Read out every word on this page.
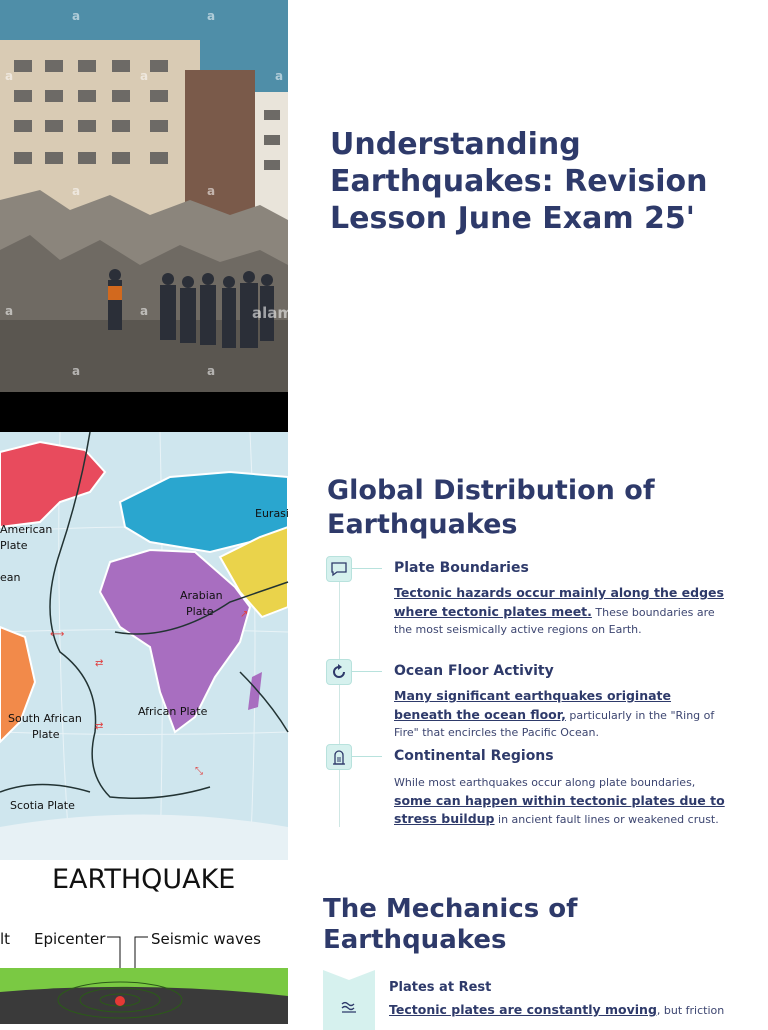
a	a
a	a	a
a	a
a	a	alam
a	a
Understanding Earthquakes: Revision Lesson June Exam 25'
⟷
⇄
⇄
⤡
↗
American
Plate
ean
Eurasi
Arabian
Plate
South African
Plate
African Plate
Scotia Plate
Global Distribution of Earthquakes
Plate Boundaries
Tectonic hazards occur mainly along the edges where tectonic plates meet. These boundaries are the most seismically active regions on Earth.
Ocean Floor Activity
Many significant earthquakes originate beneath the ocean floor, particularly in the "Ring of Fire" that encircles the Pacific Ocean.
Continental Regions
While most earthquakes occur along plate boundaries, some can happen within tectonic plates due to stress buildup in ancient fault lines or weakened crust.
EARTHQUAKE
lt Epicenter	Seismic waves
The Mechanics of Earthquakes
Plates at Rest
Tectonic plates are constantly moving, but friction
